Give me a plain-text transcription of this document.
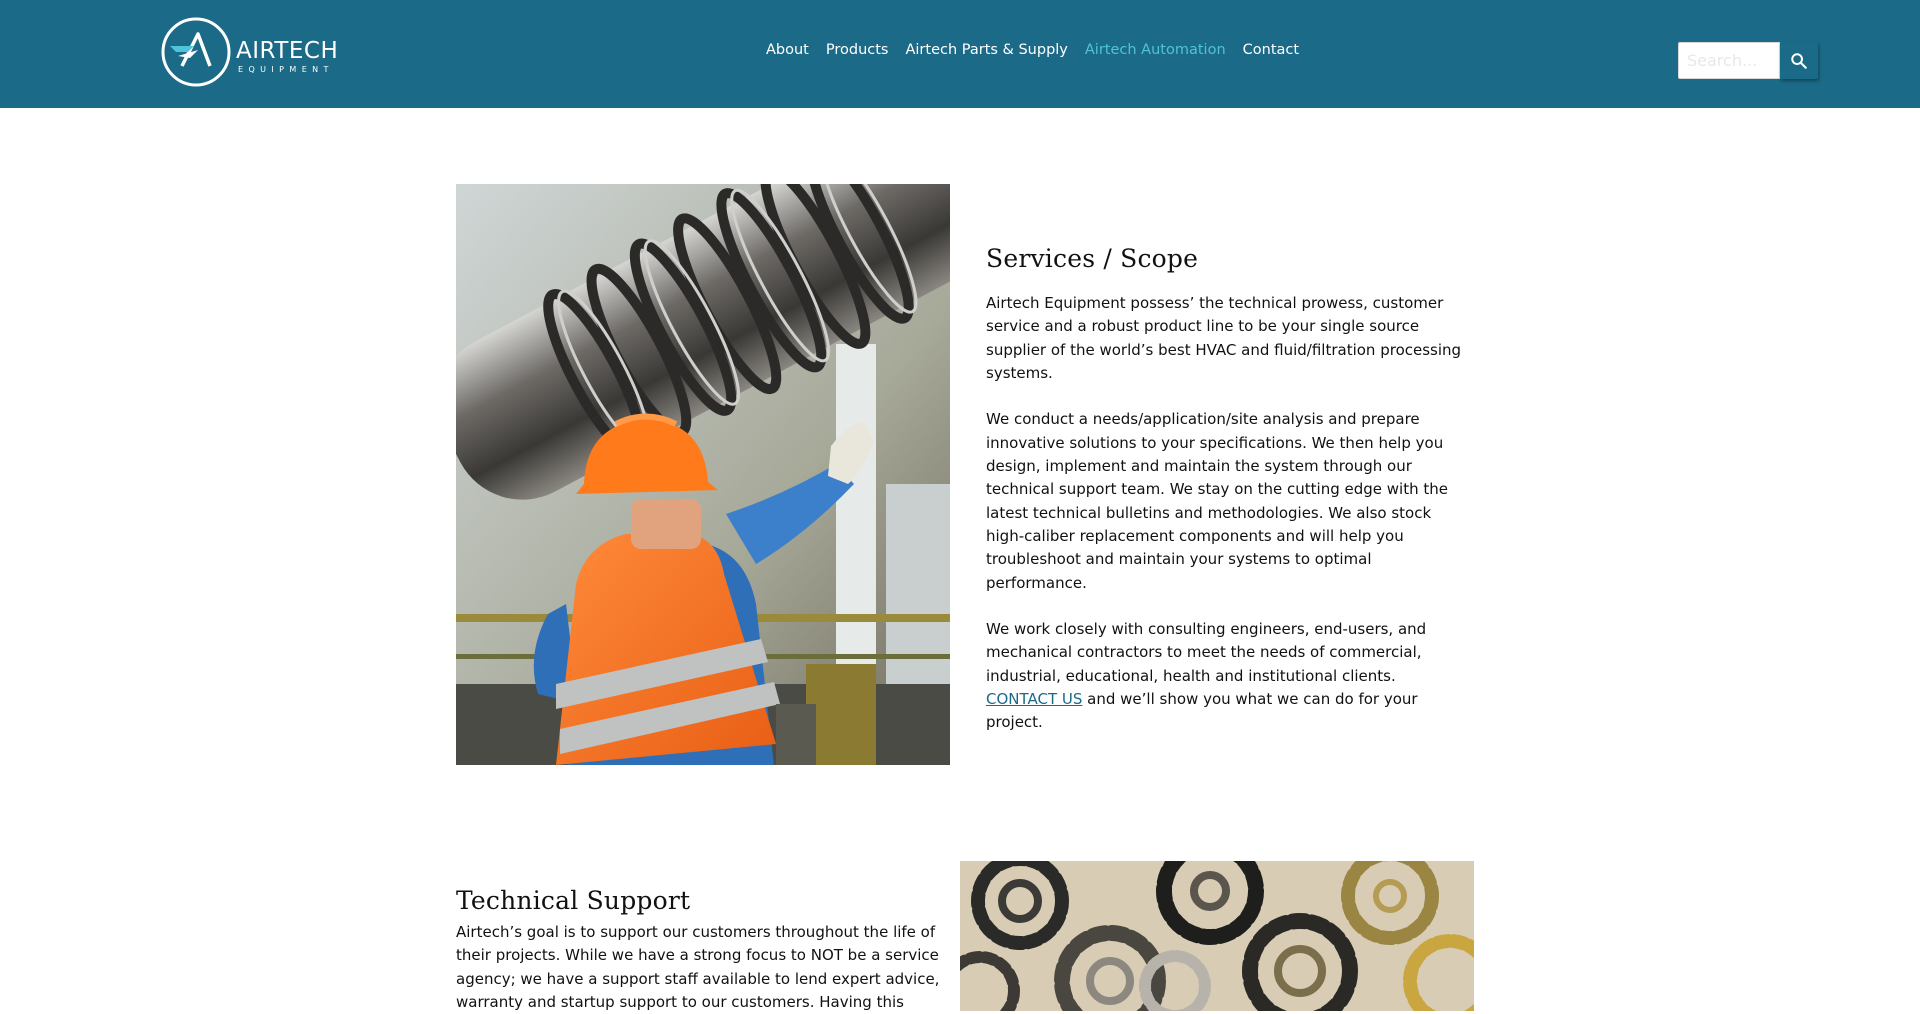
AIRTECH
EQUIPMENT
About Products Airtech Parts & Supply Airtech Automation Contact
Search...
Services / Scope

Airtech Equipment possess’ the technical prowess, customer service and a robust product line to be your single source supplier of the world’s best HVAC and fluid/filtration processing systems.

We conduct a needs/application/site analysis and prepare innovative solutions to your specifications. We then help you design, implement and maintain the system through our technical support team. We stay on the cutting edge with the latest technical bulletins and methodologies. We also stock high-caliber replacement components and will help you troubleshoot and maintain your systems to optimal performance.

We work closely with consulting engineers, end-users, and mechanical contractors to meet the needs of commercial, industrial, educational, health and institutional clients.
CONTACT US and we’ll show you what we can do for your project.

Technical Support

Airtech’s goal is to support our customers throughout the life of their projects. While we have a strong focus to NOT be a service agency; we have a support staff available to lend expert advice, warranty and startup support to our customers. Having this
